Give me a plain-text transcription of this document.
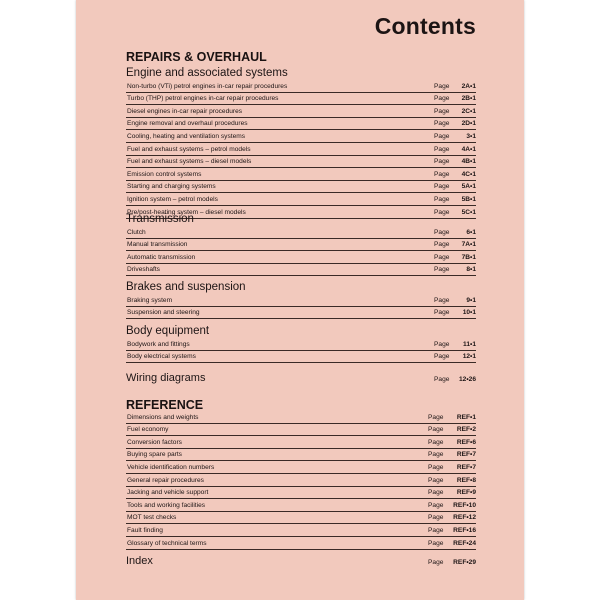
Contents
REPAIRS & OVERHAUL
Engine and associated systems
Non-turbo (VTi) petrol engines in-car repair procedures	Page 2A•1
Turbo (THP) petrol engines in-car repair procedures	Page 2B•1
Diesel engines in-car repair procedures	Page 2C•1
Engine removal and overhaul procedures	Page 2D•1
Cooling, heating and ventilation systems	Page	3•1
Fuel and exhaust systems – petrol models	Page 4A•1
Fuel and exhaust systems – diesel models	Page 4B•1
Emission control systems	Page 4C•1
Starting and charging systems	Page 5A•1
Ignition system – petrol models	Page 5B•1
Pre/post-heating system – diesel models	Page 5C•1
Transmission
Clutch	Page	6•1
Manual transmission	Page 7A•1
Automatic transmission	Page 7B•1
Driveshafts	Page	8•1
Brakes and suspension
Braking system	Page	9•1
Suspension and steering	Page 10•1
Body equipment
Bodywork and fittings	Page 11•1
Body electrical systems	Page 12•1
Wiring diagrams	Page 12•26
REFERENCE
Dimensions and weights	Page REF•1
Fuel economy	Page REF•2
Conversion factors	Page REF•6
Buying spare parts	Page REF•7
Vehicle identification numbers	Page REF•7
General repair procedures	Page REF•8
Jacking and vehicle support	Page REF•9
Tools and working facilities	Page REF•10
MOT test checks	Page REF•12
Fault finding	Page REF•16
Glossary of technical terms	Page REF•24
Index	Page REF•29
